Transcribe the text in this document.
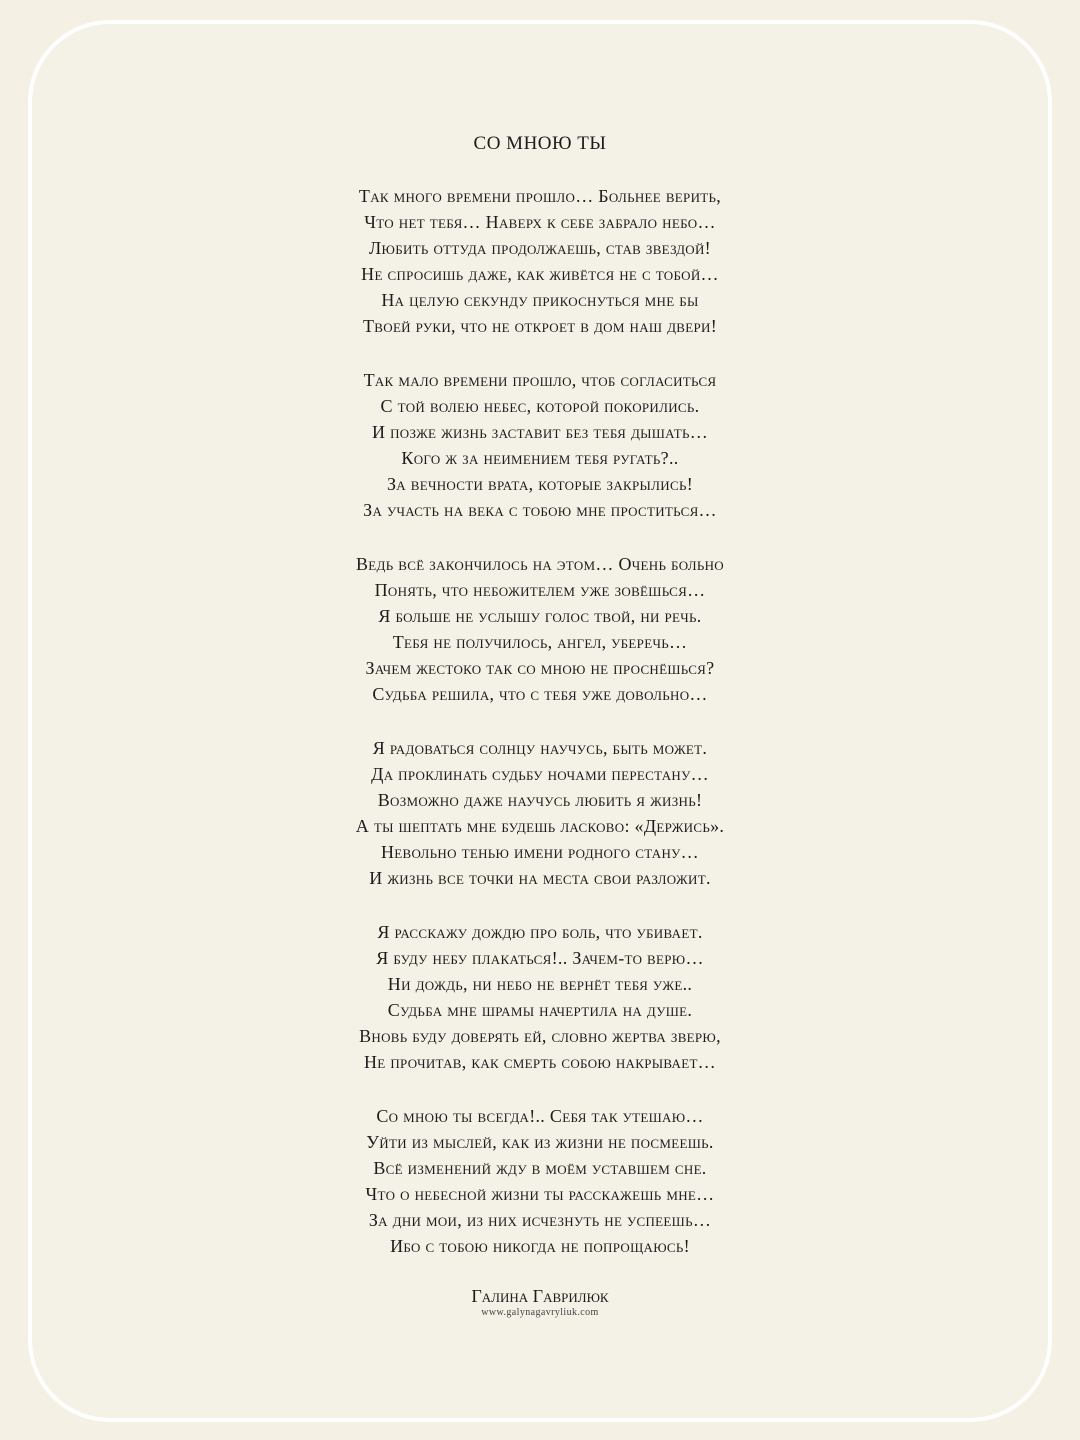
СО МНОЮ ТЫ
Так много времени прошло… Больнее верить,
Что нет тебя… Наверх к себе забрало небо…
Любить оттуда продолжаешь, став звездой!
Не спросишь даже, как живётся не с тобой…
На целую секунду прикоснуться мне бы
Твоей руки, что не откроет в дом наш двери!
Так мало времени прошло, чтоб согласиться
С той волею небес, которой покорились.
И позже жизнь заставит без тебя дышать…
Кого ж за неимением тебя ругать?..
За вечности врата, которые закрылись!
За участь на века с тобою мне проститься…
Ведь всё закончилось на этом… Очень больно
Понять, что небожителем уже зовёшься…
Я больше не услышу голос твой, ни речь.
Тебя не получилось, ангел, уберечь…
Зачем жестоко так со мною не проснёшься?
Судьба решила, что с тебя уже довольно…
Я радоваться солнцу научусь, быть может.
Да проклинать судьбу ночами перестану…
Возможно даже научусь любить я жизнь!
А ты шептать мне будешь ласково: «Держись».
Невольно тенью имени родного стану…
И жизнь все точки на места свои разложит.
Я расскажу дождю про боль, что убивает.
Я буду небу плакаться!.. Зачем-то верю…
Ни дождь, ни небо не вернёт тебя уже..
Судьба мне шрамы начертила на душе.
Вновь буду доверять ей, словно жертва зверю,
Не прочитав, как смерть собою накрывает…
Со мною ты всегда!.. Себя так утешаю…
Уйти из мыслей, как из жизни не посмеешь.
Всё изменений жду в моём уставшем сне.
Что о небесной жизни ты расскажешь мне…
За дни мои, из них исчезнуть не успеешь…
Ибо с тобою никогда не попрощаюсь!
Галина Гаврилюк
www.galynagavryliuk.com
